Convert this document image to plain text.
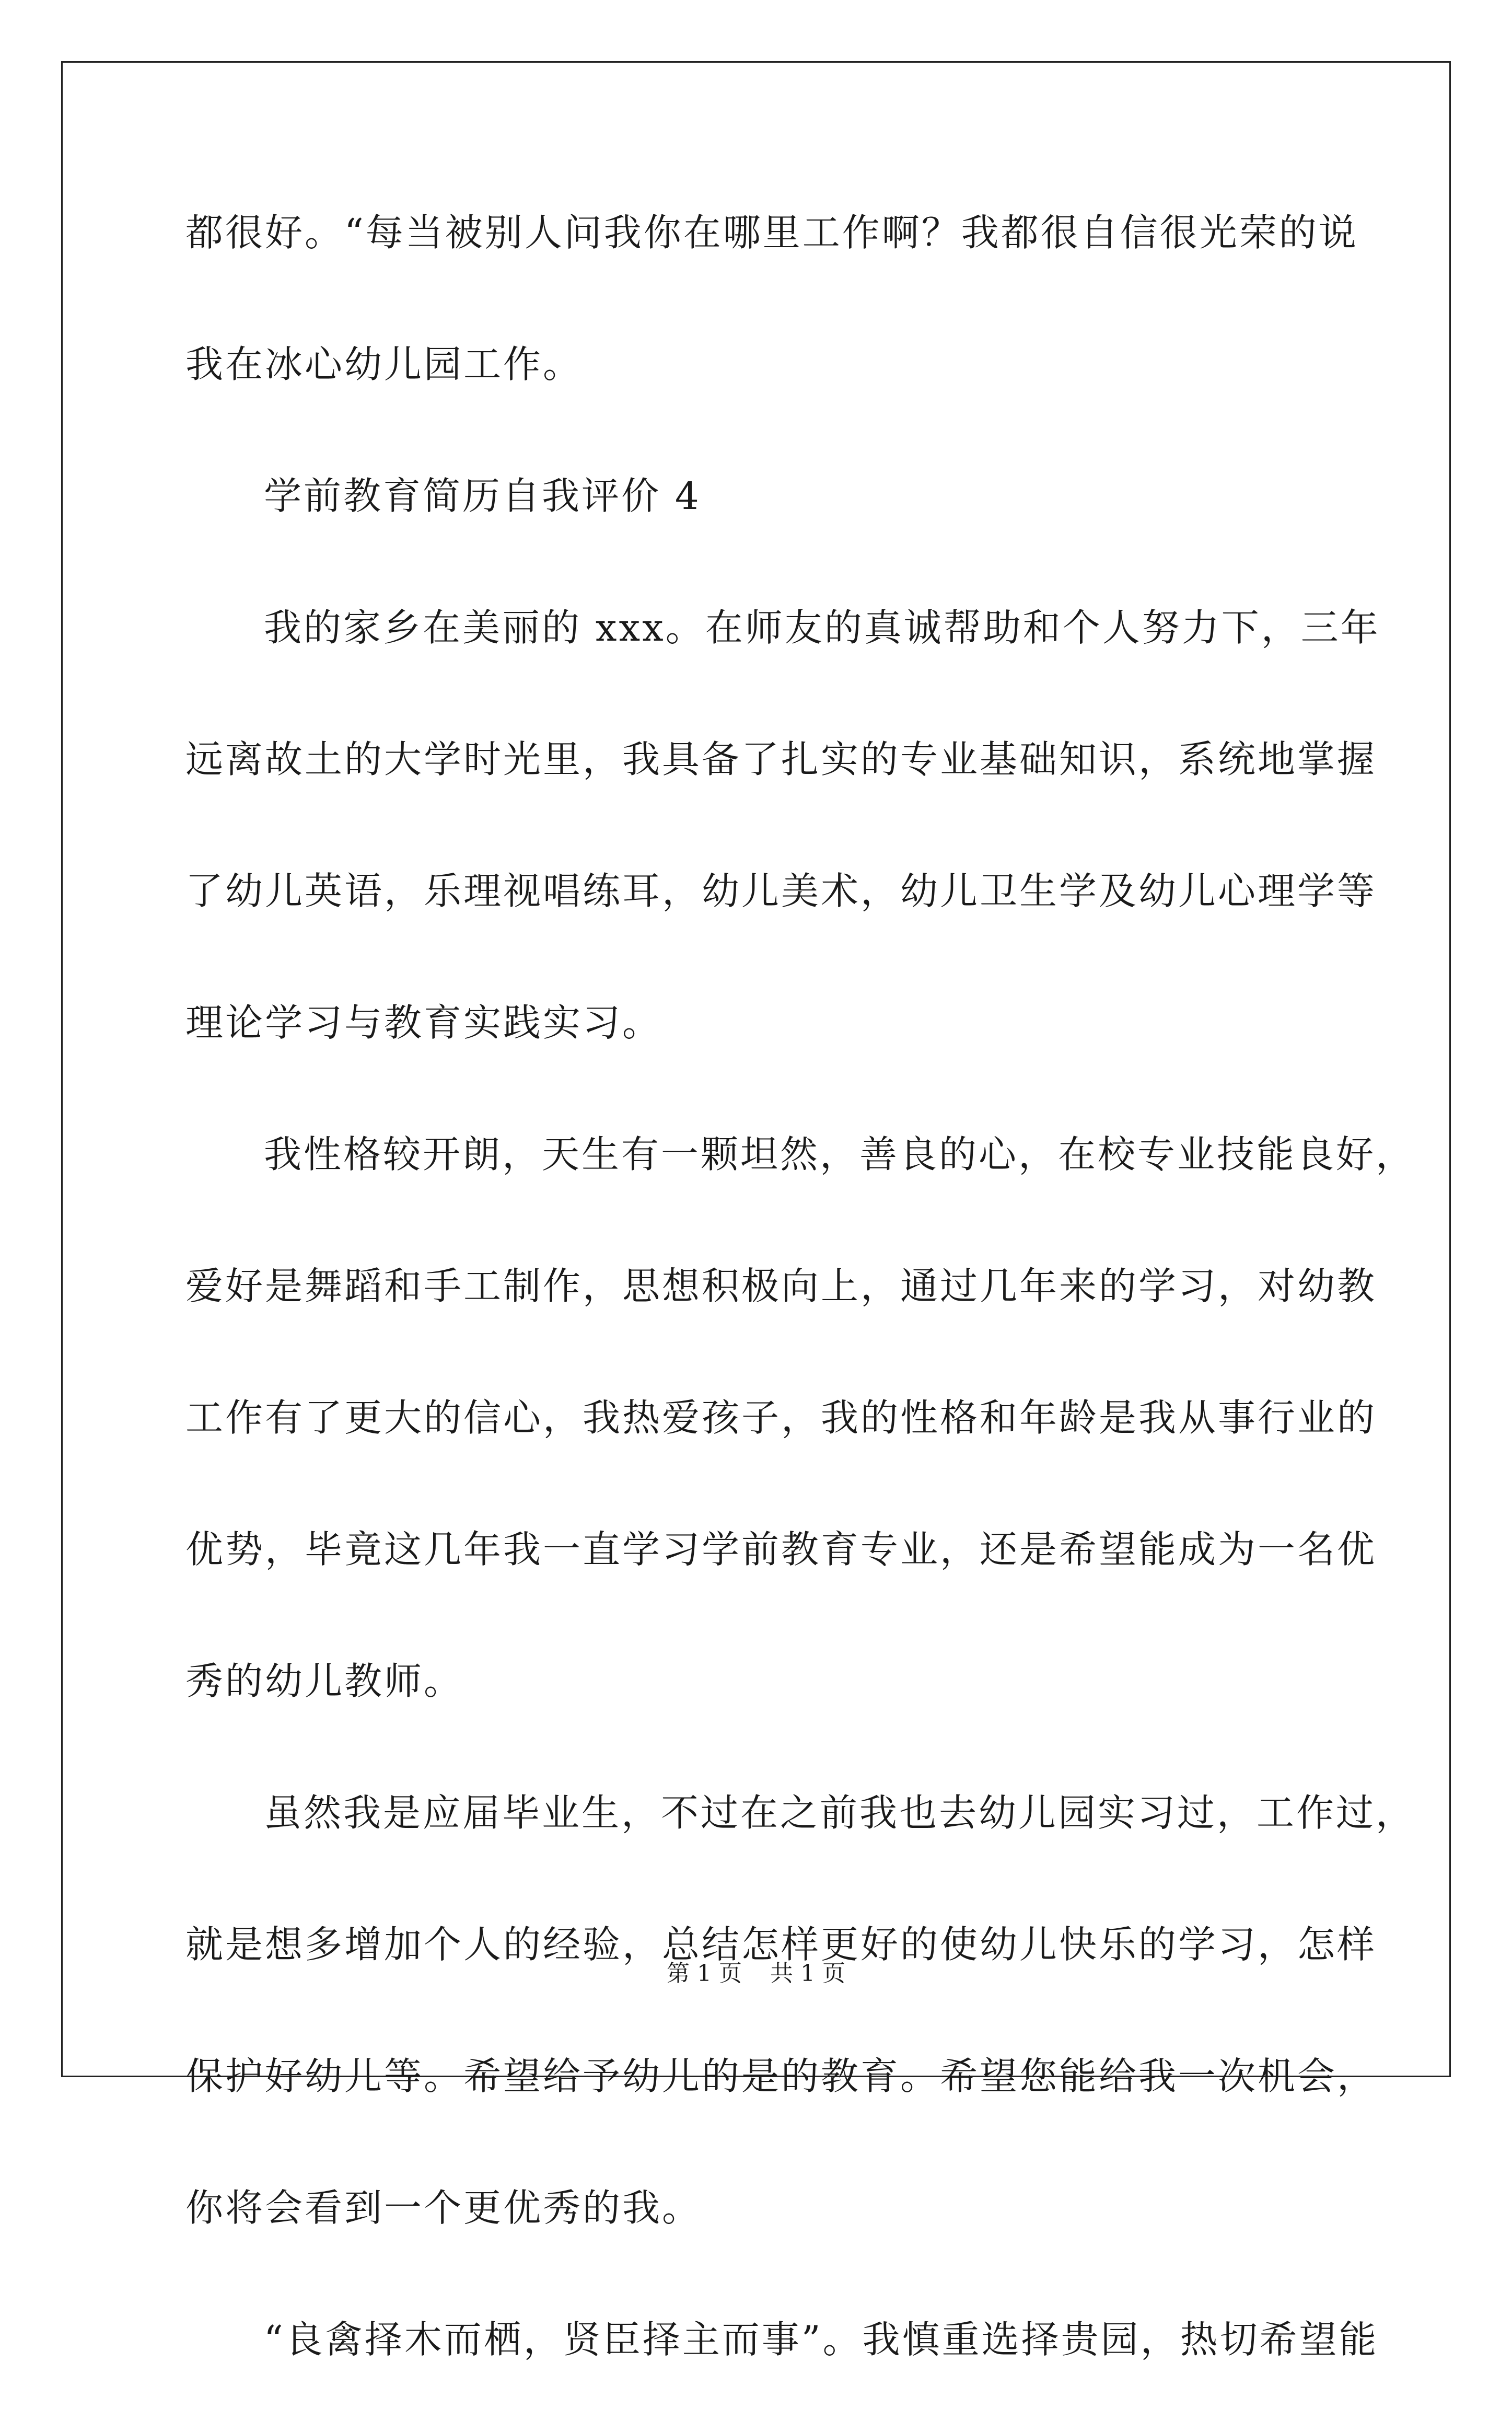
都很好。“每当被别人问我你在哪里工作啊？我都很自信很光荣的说
我在冰心幼儿园工作。
学前教育简历自我评价 4
我的家乡在美丽的 xxx。在师友的真诚帮助和个人努力下，三年
远离故土的大学时光里，我具备了扎实的专业基础知识，系统地掌握
了幼儿英语，乐理视唱练耳，幼儿美术，幼儿卫生学及幼儿心理学等
理论学习与教育实践实习。
我性格较开朗，天生有一颗坦然，善良的心，在校专业技能良好，
爱好是舞蹈和手工制作，思想积极向上，通过几年来的学习，对幼教
工作有了更大的信心，我热爱孩子，我的性格和年龄是我从事行业的
优势，毕竟这几年我一直学习学前教育专业，还是希望能成为一名优
秀的幼儿教师。
虽然我是应届毕业生，不过在之前我也去幼儿园实习过，工作过，
就是想多增加个人的经验，总结怎样更好的使幼儿快乐的学习，怎样
保护好幼儿等。希望给予幼儿的是的教育。希望您能给我一次机会，
你将会看到一个更优秀的我。
“良禽择木而栖，贤臣择主而事”。我慎重选择贵园，热切希望能
第 1 页 共 1 页
